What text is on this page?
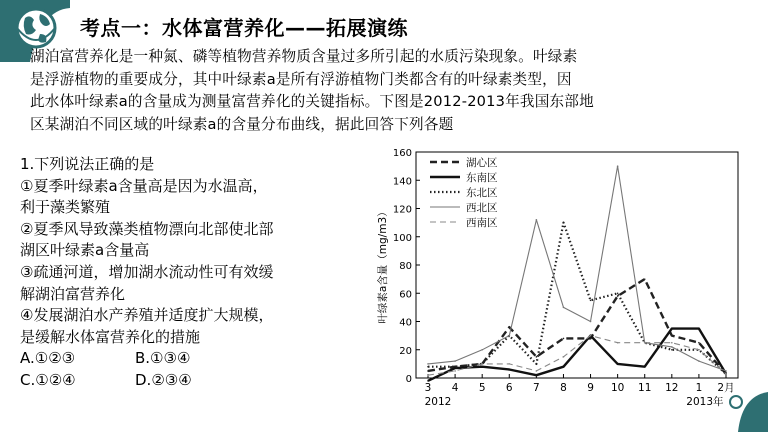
考点一：水体富营养化——拓展演练
湖泊富营养化是一种氮、磷等植物营养物质含量过多所引起的水质污染现象。叶绿素
是浮游植物的重要成分，其中叶绿素a是所有浮游植物门类都含有的叶绿素类型，因
此水体叶绿素a的含量成为测量富营养化的关键指标。下图是2012-2013年我国东部地
区某湖泊不同区域的叶绿素a的含量分布曲线，据此回答下列各题
1.下列说法正确的是
①夏季叶绿素a含量高是因为水温高，
利于藻类繁殖
②夏季风导致藻类植物漂向北部使北部
湖区叶绿素a含量高
③疏通河道，增加湖水流动性可有效缓
解湖泊富营养化
④发展湖泊水产养殖并适度扩大规模，
是缓解水体富营养化的措施
A.①②③	B.①③④
C.①②④	D.②③④	0
20
40
60
80
100
120
140
160
叶绿素a含量（mg/m3）
3 4 5 6 7 8 9 10 11 12 1 2月
2012	2013年
湖心区
东南区
东北区
西北区
西南区
